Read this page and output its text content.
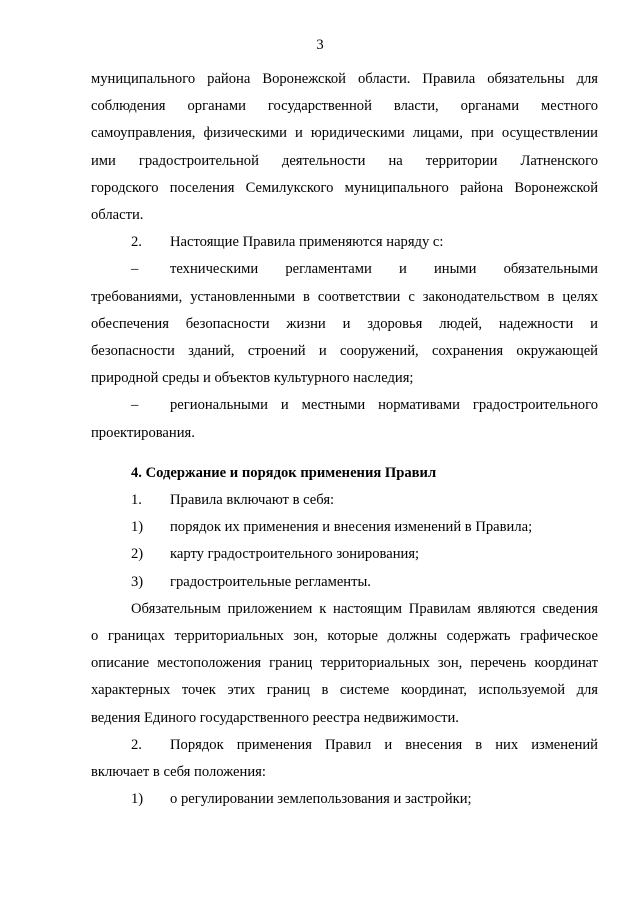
3
муниципального района Воронежской области. Правила обязательны для
соблюдения органами государственной власти, органами местного
самоуправления, физическими и юридическими лицами, при осуществлении
ими градостроительной деятельности на территории Латненского
городского поселения Семилукского муниципального района Воронежской
области.
2.	Настоящие Правила применяются наряду с:
–	техническими регламентами и иными обязательными
требованиями, установленными в соответствии с законодательством в целях
обеспечения безопасности жизни и здоровья людей, надежности и
безопасности зданий, строений и сооружений, сохранения окружающей
природной среды и объектов культурного наследия;
–	региональными и местными нормативами градостроительного
проектирования.
4. Содержание и порядок применения Правил
1.	Правила включают в себя:
1)	порядок их применения и внесения изменений в Правила;
2)	карту градостроительного зонирования;
3)	градостроительные регламенты.
Обязательным приложением к настоящим Правилам являются сведения
о границах территориальных зон, которые должны содержать графическое
описание местоположения границ территориальных зон, перечень координат
характерных точек этих границ в системе координат, используемой для
ведения Единого государственного реестра недвижимости.
2.	Порядок применения Правил и внесения в них изменений
включает в себя положения:
1)	о регулировании землепользования и застройки;
